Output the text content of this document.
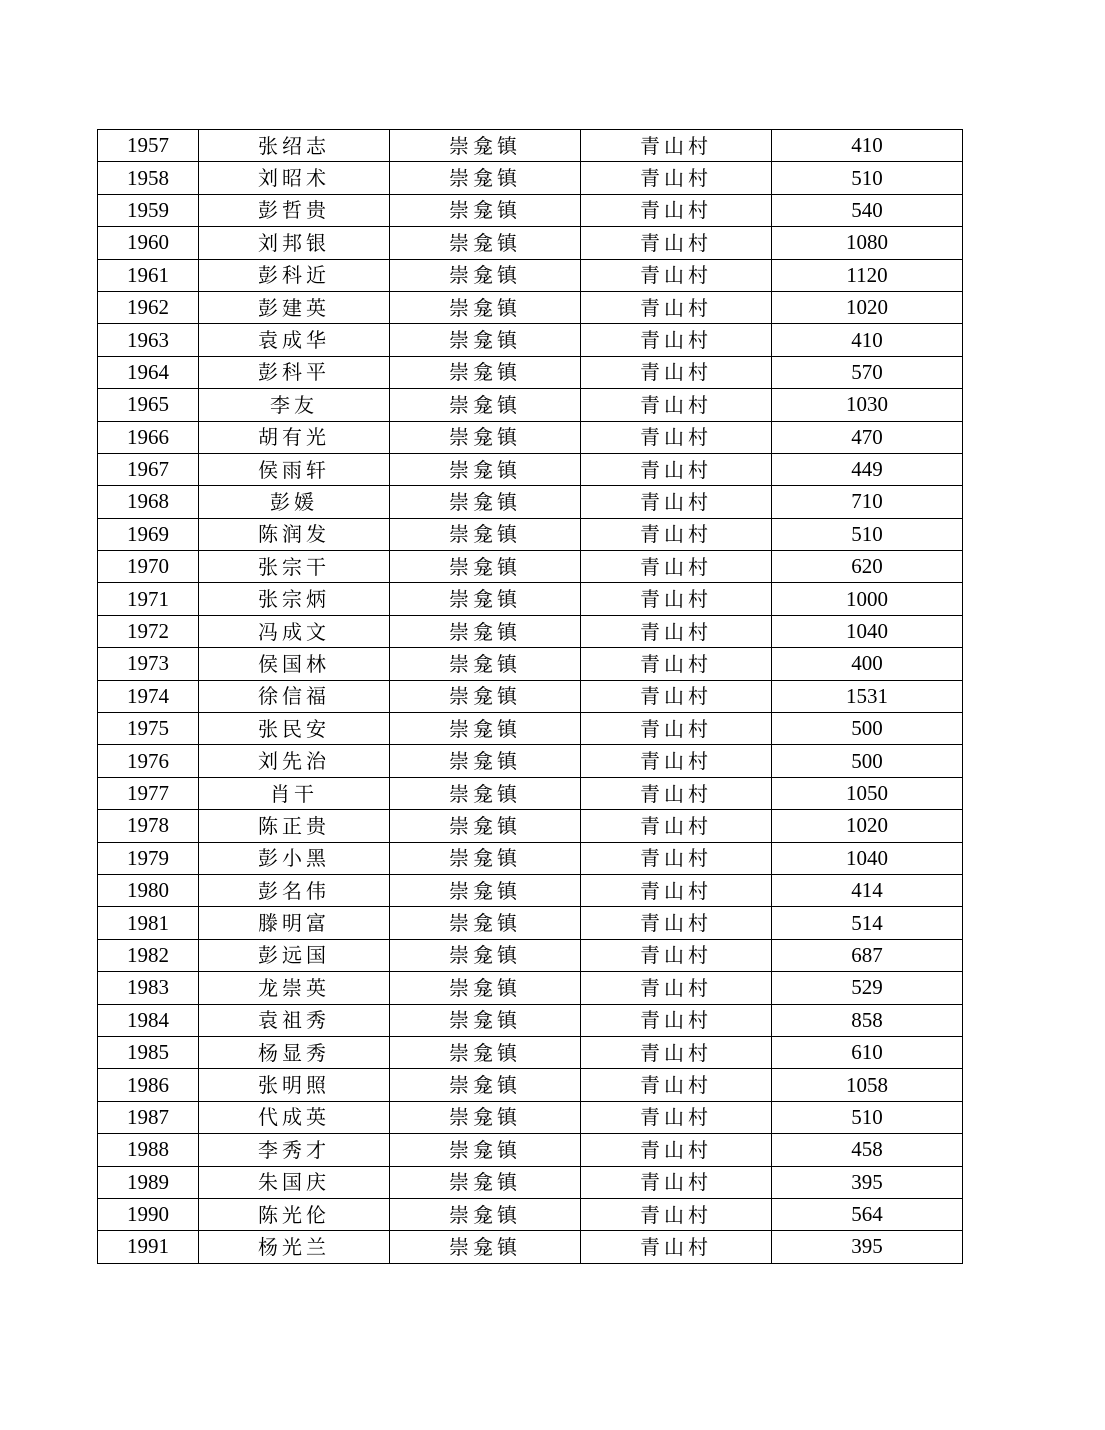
1957	张绍志	崇龛镇	青山村	410
1958	刘昭术	崇龛镇	青山村	510
1959	彭哲贵	崇龛镇	青山村	540
1960	刘邦银	崇龛镇	青山村	1080
1961	彭科近	崇龛镇	青山村	1120
1962	彭建英	崇龛镇	青山村	1020
1963	袁成华	崇龛镇	青山村	410
1964	彭科平	崇龛镇	青山村	570
1965	李友	崇龛镇	青山村	1030
1966	胡有光	崇龛镇	青山村	470
1967	侯雨轩	崇龛镇	青山村	449
1968	彭媛	崇龛镇	青山村	710
1969	陈润发	崇龛镇	青山村	510
1970	张宗干	崇龛镇	青山村	620
1971	张宗炳	崇龛镇	青山村	1000
1972	冯成文	崇龛镇	青山村	1040
1973	侯国林	崇龛镇	青山村	400
1974	徐信福	崇龛镇	青山村	1531
1975	张民安	崇龛镇	青山村	500
1976	刘先治	崇龛镇	青山村	500
1977	肖干	崇龛镇	青山村	1050
1978	陈正贵	崇龛镇	青山村	1020
1979	彭小黑	崇龛镇	青山村	1040
1980	彭名伟	崇龛镇	青山村	414
1981	滕明富	崇龛镇	青山村	514
1982	彭远国	崇龛镇	青山村	687
1983	龙崇英	崇龛镇	青山村	529
1984	袁祖秀	崇龛镇	青山村	858
1985	杨显秀	崇龛镇	青山村	610
1986	张明照	崇龛镇	青山村	1058
1987	代成英	崇龛镇	青山村	510
1988	李秀才	崇龛镇	青山村	458
1989	朱国庆	崇龛镇	青山村	395
1990	陈光伦	崇龛镇	青山村	564
1991	杨光兰	崇龛镇	青山村	395
